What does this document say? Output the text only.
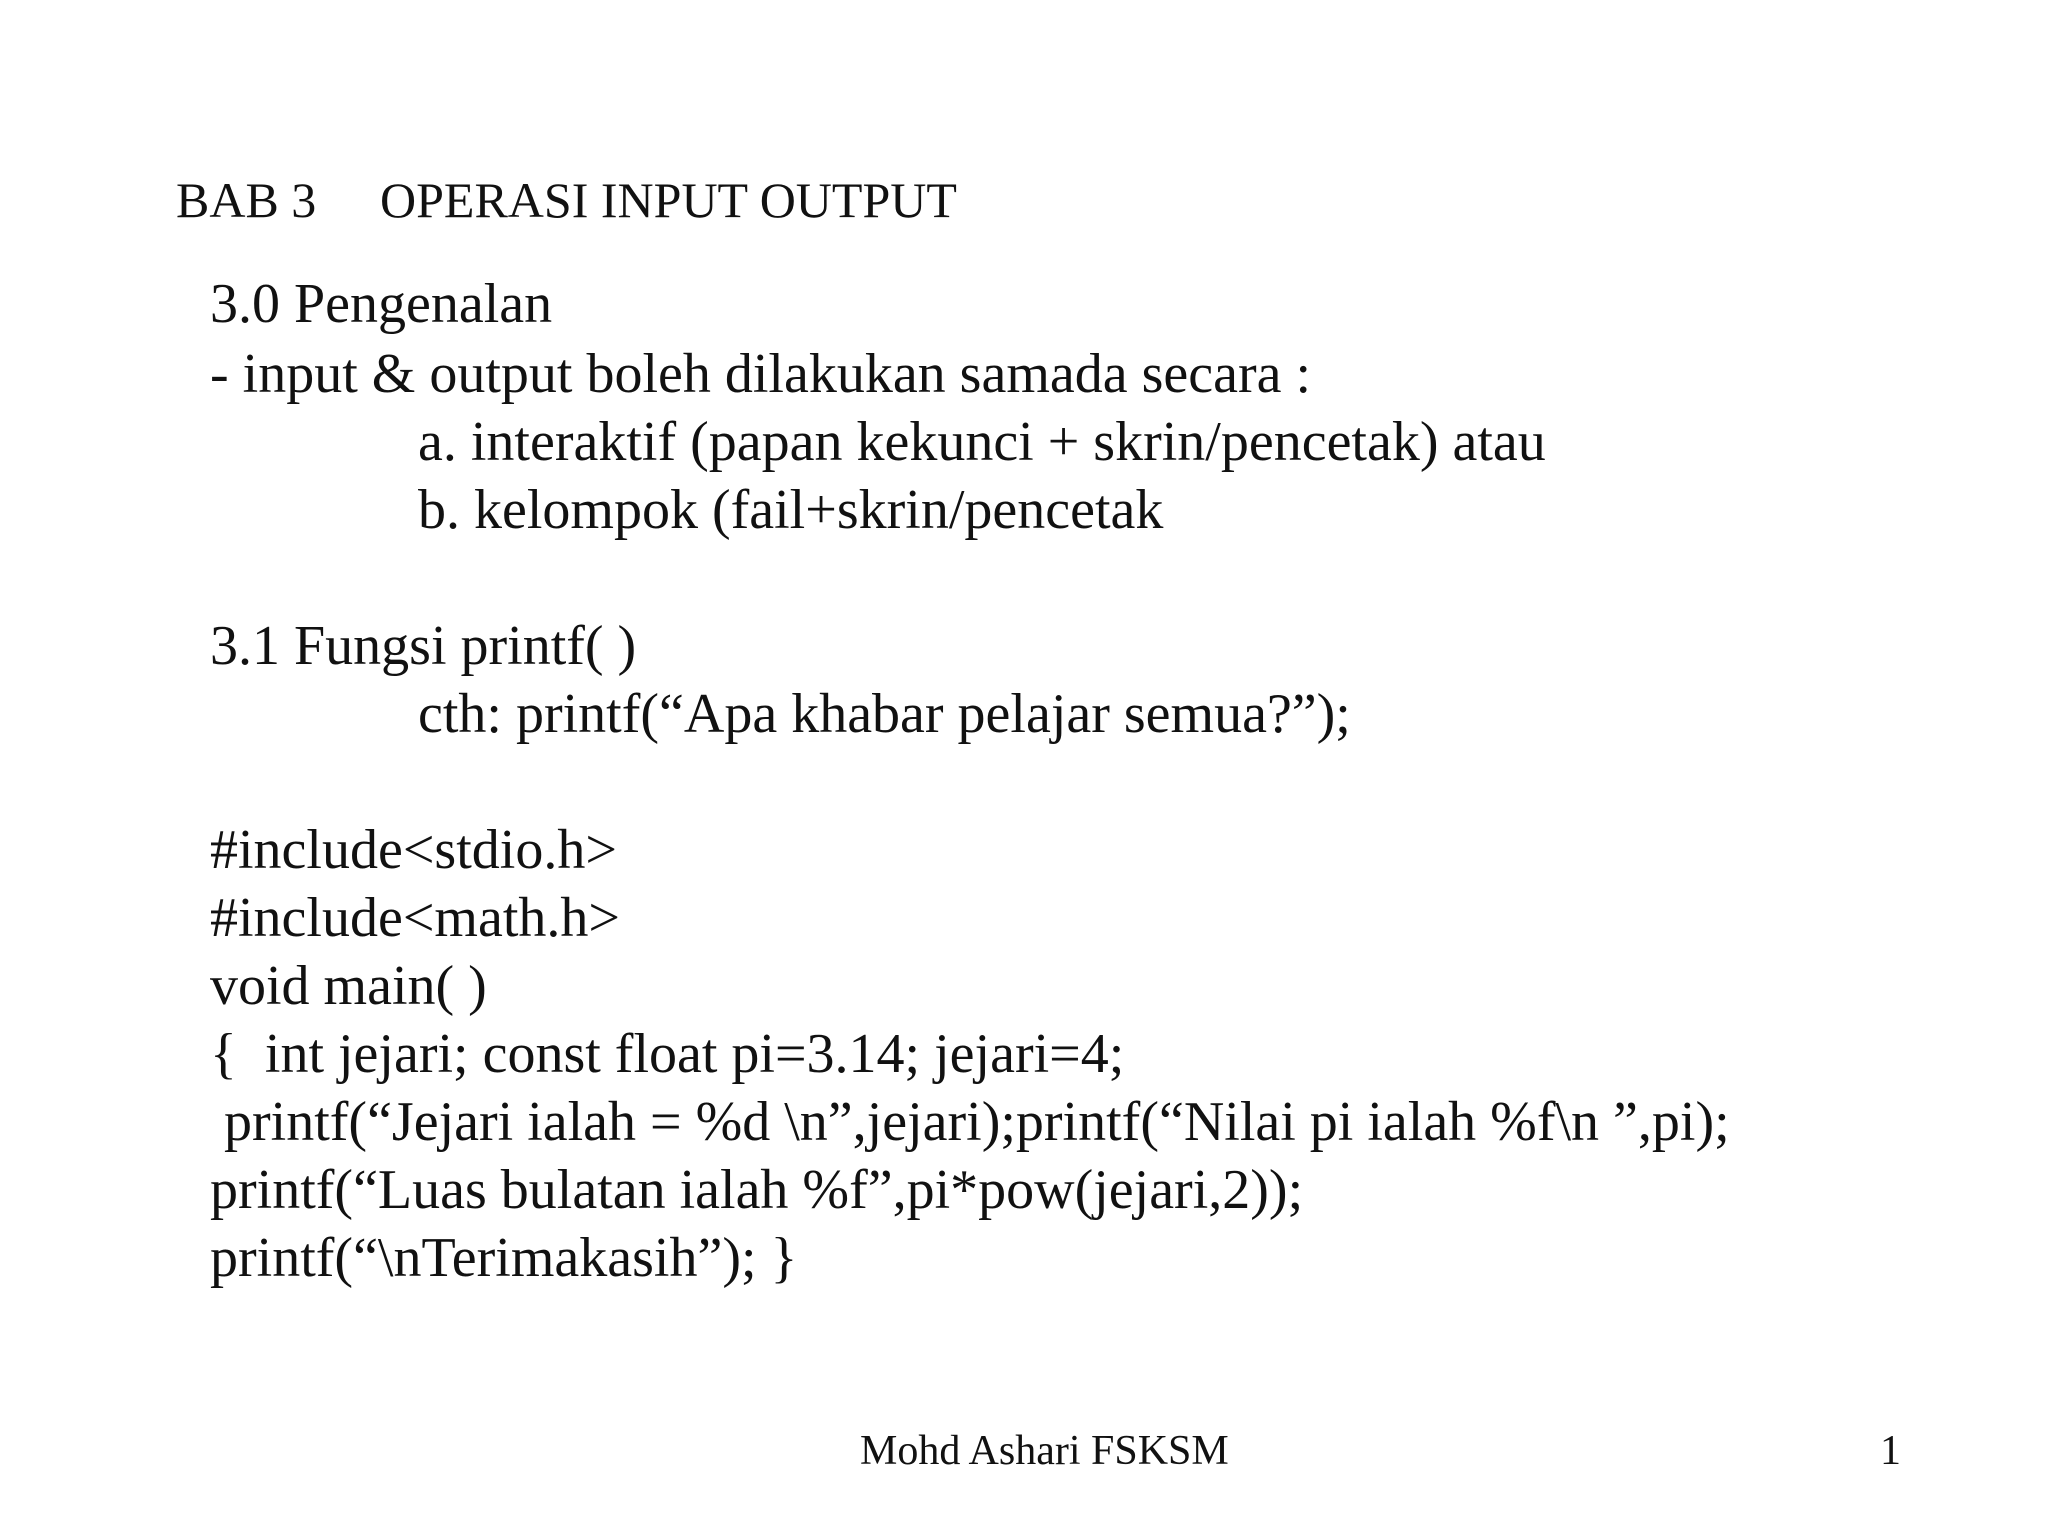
BAB 3 OPERASI INPUT OUTPUT
3.0 Pengenalan
- input & output boleh dilakukan samada secara :
a. interaktif (papan kekunci + skrin/pencetak) atau
b. kelompok (fail+skrin/pencetak
3.1 Fungsi printf( )
cth: printf(“Apa khabar pelajar semua?”);
#include<stdio.h>
#include<math.h>
void main( )
{  int jejari; const float pi=3.14; jejari=4;
printf(“Jejari ialah = %d \n”,jejari);printf(“Nilai pi ialah %f\n ”,pi);
printf(“Luas bulatan ialah %f”,pi*pow(jejari,2));
printf(“\nTerimakasih”); }
Mohd Ashari FSKSM	1
